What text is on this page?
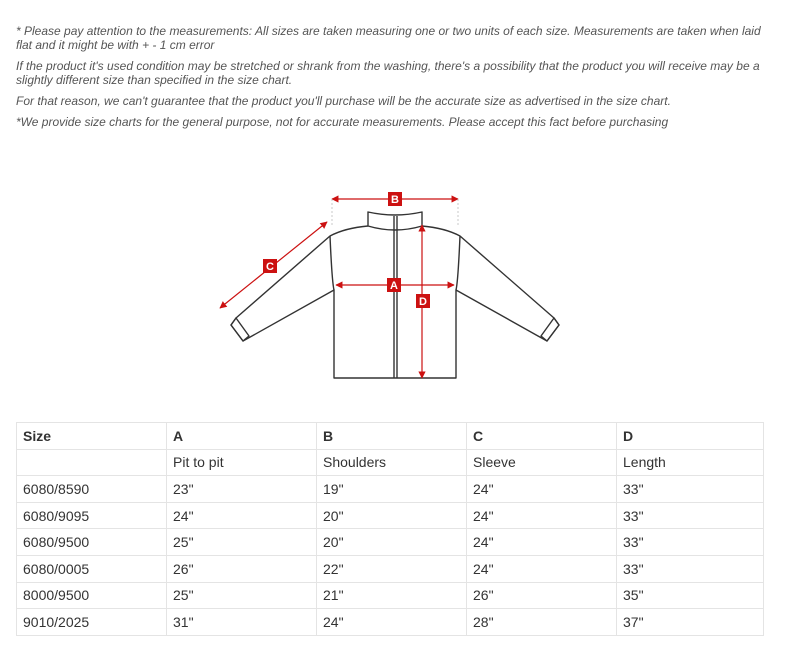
* Please pay attention to the measurements: All sizes are taken measuring one or two units of each size. Measurements are taken when laid flat and it might be with + - 1 cm error

If the product it's used condition may be stretched or shrank from the washing, there's a possibility that the product you will receive may be a slightly different size than specified in the size chart.

For that reason, we can't guarantee that the product you'll purchase will be the accurate size as advertised in the size chart.

*We provide size charts for the general purpose, not for accurate measurements. Please accept this fact before purchasing

B
A
C
D
Size	A	B	C	D
	Pit to pit	Shoulders	Sleeve	Length
6080/8590	23"	19"	24"	33"
6080/9095	24"	20"	24"	33"
6080/9500	25"	20"	24"	33"
6080/0005	26"	22"	24"	33"
8000/9500	25"	21"	26"	35"
9010/2025	31"	24"	28"	37"
